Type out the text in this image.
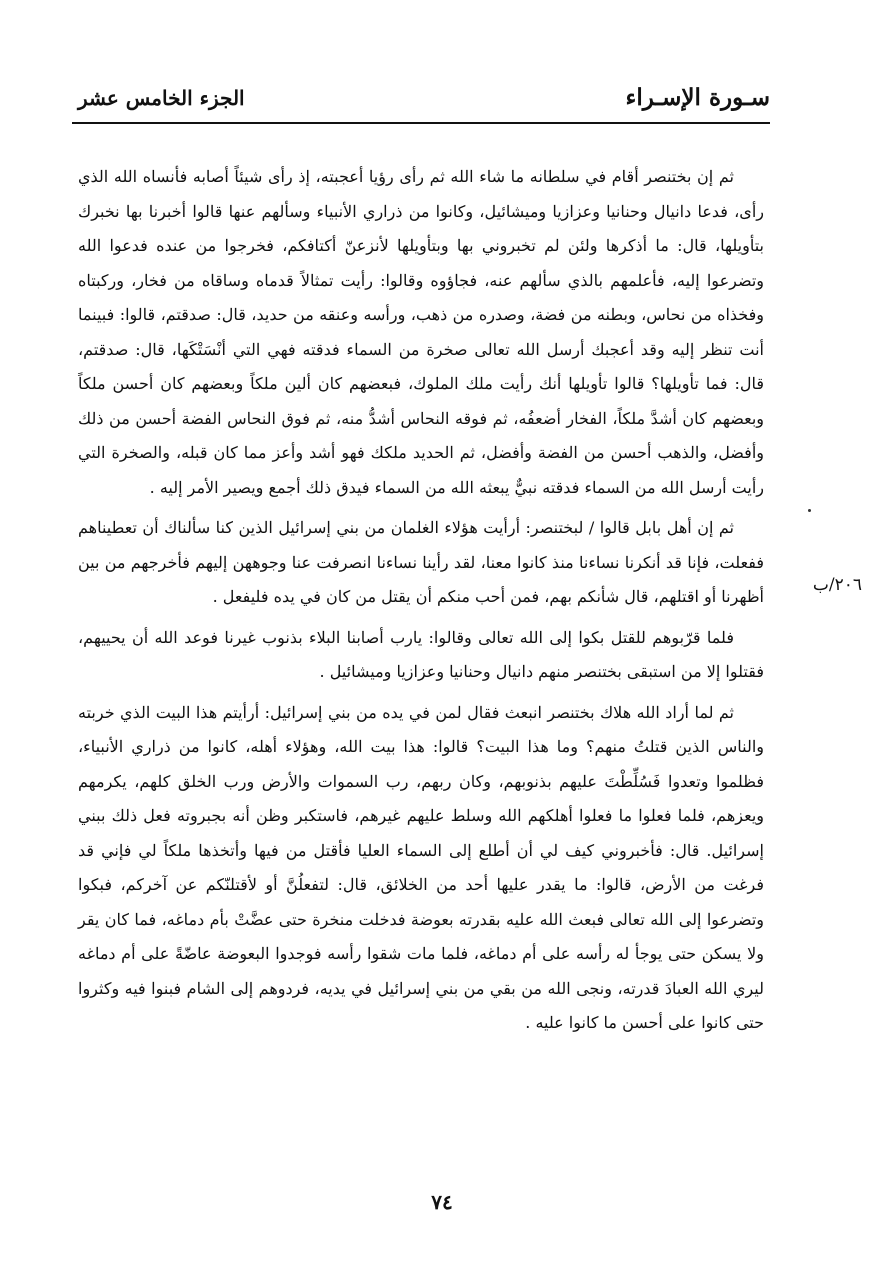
سـورة الإسـراء
الجزء الخامس عشر
٢٠٦/ب

ثم إن بختنصر أقام في سلطانه ما شاء الله ثم رأى رؤيا أعجبته، إذ رأى شيئاً أصابه فأنساه الله الذي رأى، فدعا دانيال وحنانيا وعزازيا وميشائيل، وكانوا من ذراري الأنبياء وسألهم عنها قالوا أخبرنا بها نخبرك بتأويلها، قال: ما أذكرها ولئن لم تخبروني بها وبتأويلها لأنزعنّ أكتافكم، فخرجوا من عنده فدعوا الله وتضرعوا إليه، فأعلمهم بالذي سألهم عنه، فجاؤوه وقالوا: رأيت تمثالاً قدماه وساقاه من فخار، وركبتاه وفخذاه من نحاس، وبطنه من فضة، وصدره من ذهب، ورأسه وعنقه من حديد، قال: صدقتم، قالوا: فبينما أنت تنظر إليه وقد أعجبك أرسل الله تعالى صخرة من السماء فدقته فهي التي أنْسَتْكَها، قال: صدقتم، قال: فما تأويلها؟ قالوا تأويلها أنك رأيت ملك الملوك، فبعضهم كان ألين ملكاً وبعضهم كان أحسن ملكاً وبعضهم كان أشدَّ ملكاً، الفخار أضعفُه، ثم فوقه النحاس أشدُّ منه، ثم فوق النحاس الفضة أحسن من ذلك وأفضل، والذهب أحسن من الفضة وأفضل، ثم الحديد ملكك فهو أشد وأعز مما كان قبله، والصخرة التي رأيت أرسل الله من السماء فدقته نبيٌّ يبعثه الله من السماء فيدق ذلك أجمع ويصير الأمر إليه .

ثم إن أهل بابل قالوا / لبختنصر: أرأيت هؤلاء الغلمان من بني إسرائيل الذين كنا سألناك أن تعطيناهم ففعلت، فإنا قد أنكرنا نساءنا منذ كانوا معنا، لقد رأينا نساءنا انصرفت عنا وجوههن إليهم فأخرجهم من بين أظهرنا أو اقتلهم، قال شأنكم بهم، فمن أحب منكم أن يقتل من كان في يده فليفعل .

فلما قرّبوهم للقتل بكوا إلى الله تعالى وقالوا: يارب أصابنا البلاء بذنوب غيرنا فوعد الله أن يحييهم، فقتلوا إلا من استبقى بختنصر منهم دانيال وحنانيا وعزازيا وميشائيل .

ثم لما أراد الله هلاك بختنصر انبعث فقال لمن في يده من بني إسرائيل: أرأيتم هذا البيت الذي خربته والناس الذين قتلتُ منهم؟ وما هذا البيت؟ قالوا: هذا بيت الله، وهؤلاء أهله، كانوا من ذراري الأنبياء، فظلموا وتعدوا فَسُلِّطْتَ عليهم بذنوبهم، وكان ربهم، رب السموات والأرض ورب الخلق كلهم، يكرمهم ويعزهم، فلما فعلوا ما فعلوا أهلكهم الله وسلط عليهم غيرهم، فاستكبر وظن أنه بجبروته فعل ذلك ببني إسرائيل. قال: فأخبروني كيف لي أن أطلع إلى السماء العليا فأقتل من فيها وأتخذها ملكاً لي فإني قد فرغت من الأرض، قالوا: ما يقدر عليها أحد من الخلائق، قال: لتفعلُنَّ أو لأقتلنّكم عن آخركم، فبكوا وتضرعوا إلى الله تعالى فبعث الله عليه بقدرته بعوضة فدخلت منخرة حتى عضَّتْ بأم دماغه، فما كان يقر ولا يسكن حتى يوجأ له رأسه على أم دماغه، فلما مات شقوا رأسه فوجدوا البعوضة عاضّةً على أم دماغه ليري الله العبادَ قدرته، ونجى الله من بقي من بني إسرائيل في يديه، فردوهم إلى الشام فبنوا فيه وكثروا حتى كانوا على أحسن ما كانوا عليه .

٧٤
